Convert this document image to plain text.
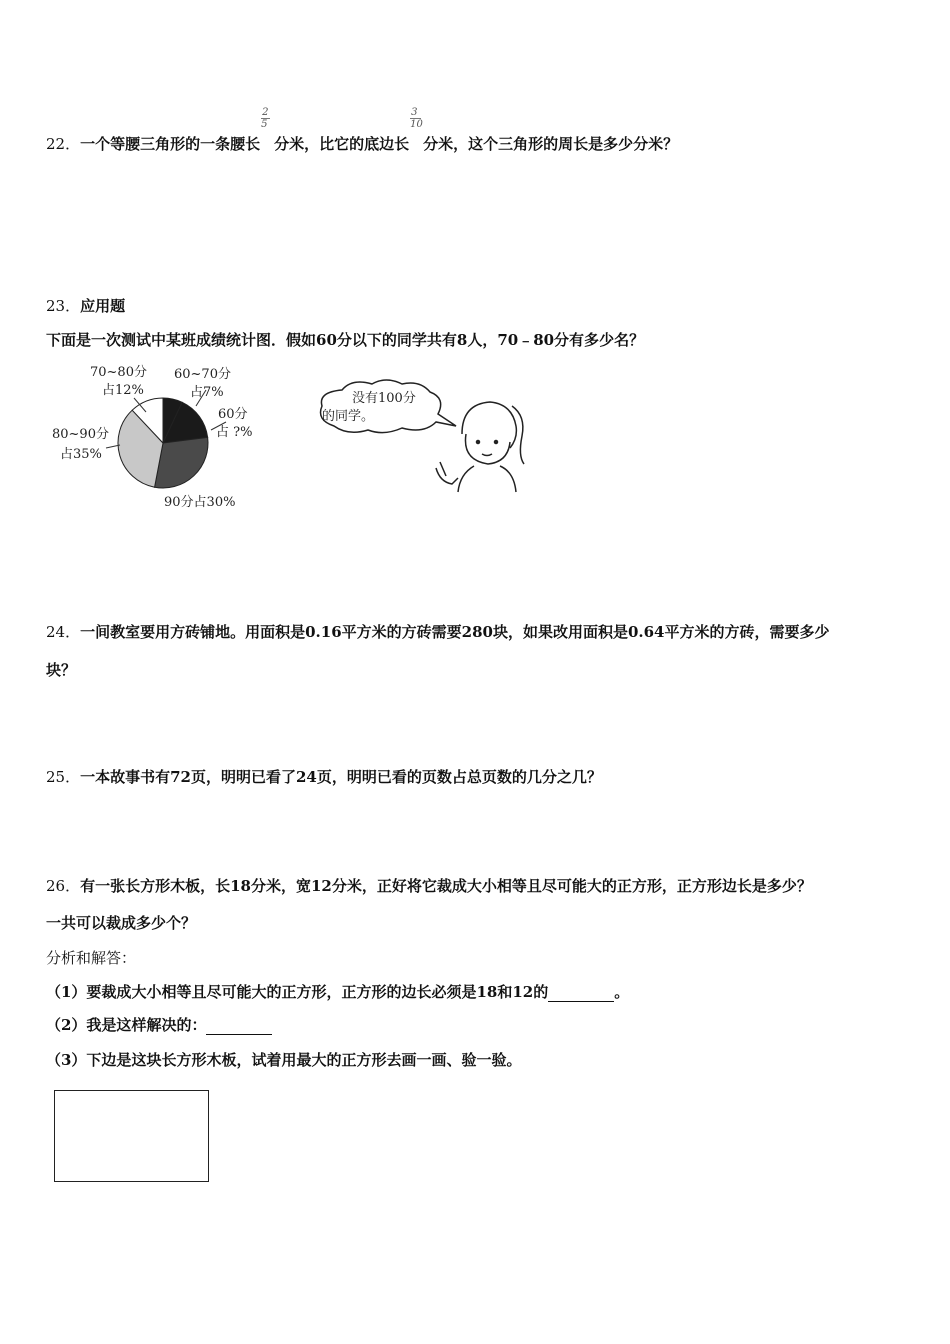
22．一个等腰三角形的一条腰长 $\frac{2}{5}$ 分米，比它的底边长 $\frac{3}{10}$ 分米，这个三角形的周长是多少分米？
23．应用题
下面是一次测试中某班成绩统计图．假如60分以下的同学共有8人，70﹣80分有多少名？
70~80分
占12%
60~70分
占7%
60分
占 ?%
80~90分
占35%
90分占30%
没有100分
的同学。
24．一间教室要用方砖铺地。用面积是0.16平方米的方砖需要280块，如果改用面积是0.64平方米的方砖，需要多少
块？
25．一本故事书有72页，明明已看了24页，明明已看的页数占总页数的几分之几？
26．有一张长方形木板，长18分米，宽12分米，正好将它裁成大小相等且尽可能大的正方形，正方形边长是多少？
一共可以裁成多少个？
分析和解答：
（1）要裁成大小相等且尽可能大的正方形，正方形的边长必须是18和12的	。
（2）我是这样解决的：
（3）下边是这块长方形木板，试着用最大的正方形去画一画、验一验。
